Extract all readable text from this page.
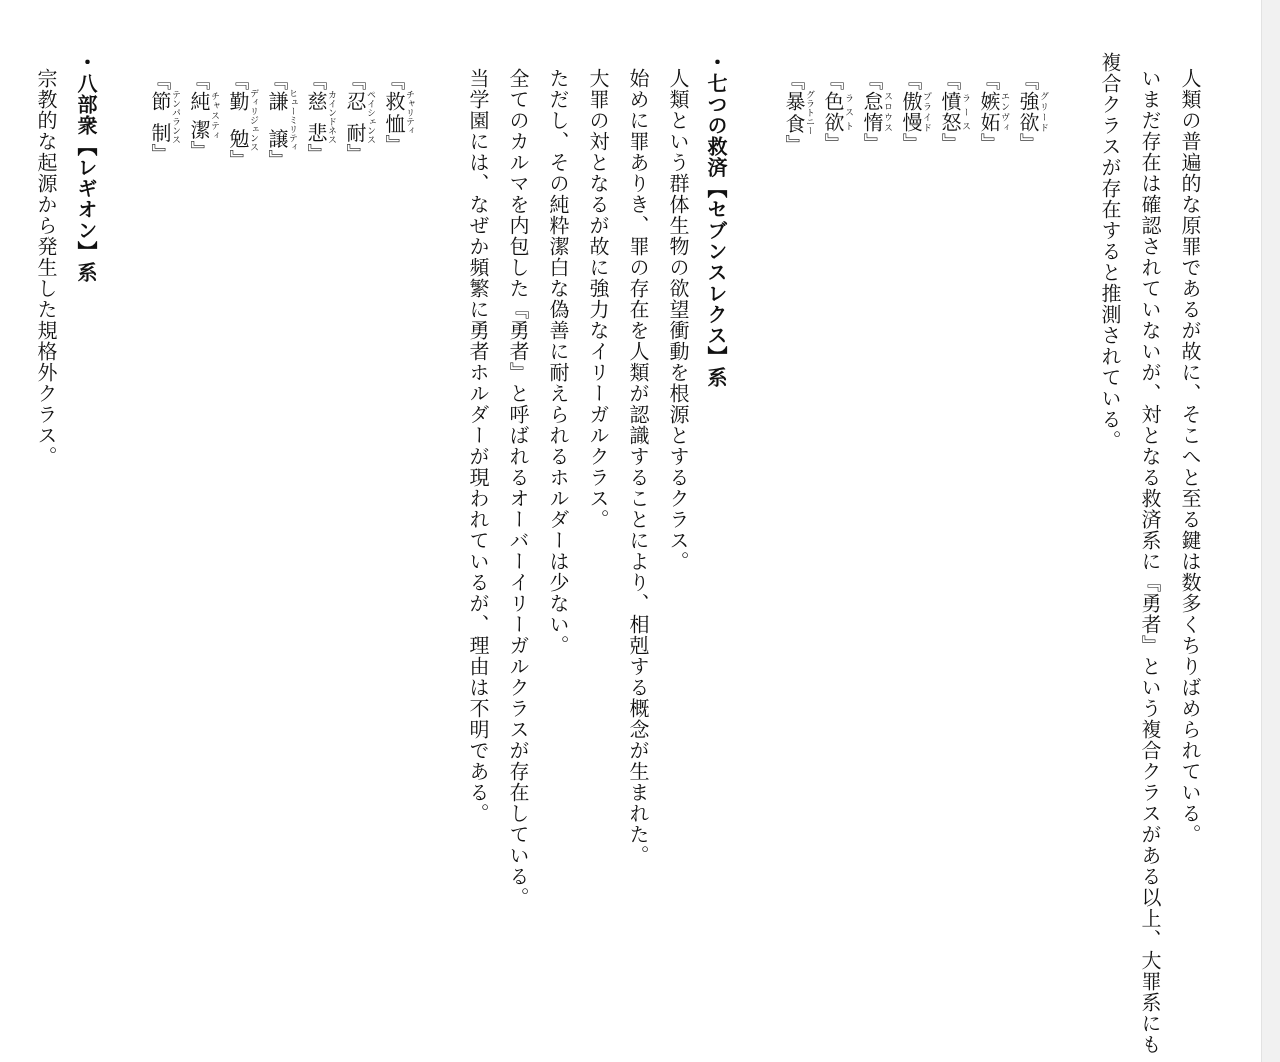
人類の普遍的な原罪であるが故に、そこへと至る鍵は数多くちりばめられている。
いまだ存在は確認されていないが、対となる救済系に『勇者』という複合クラスがある以上、大罪系にも
複合クラスが存在すると推測されている。
『強欲グリード』
『嫉妬エンヴィ』
『憤怒ラース』
『傲慢プライド』
『怠惰スロウス』
『色欲ラスト』
『暴食グラトニー』
・七つの救済【セブンスレクス】系
人類という群体生物の欲望衝動を根源とするクラス。
始めに罪ありき、罪の存在を人類が認識することにより、相剋する概念が生まれた。
大罪の対となるが故に強力なイリーガルクラス。
ただし、その純粋潔白な偽善に耐えられるホルダーは少ない。
全てのカルマを内包した『勇者』と呼ばれるオーバーイリーガルクラスが存在している。
当学園には、なぜか頻繁に勇者ホルダーが現われているが、理由は不明である。
『救恤チャリティ』
『忍 耐ペイシェンス』
『慈 悲カインドネス』
『謙 譲ヒューミリティ』
『勤 勉ディリジェンス』
『純 潔チャスティ』
『節 制テンパランス』
・八部衆【レギオン】系
宗教的な起源から発生した規格外クラス。
